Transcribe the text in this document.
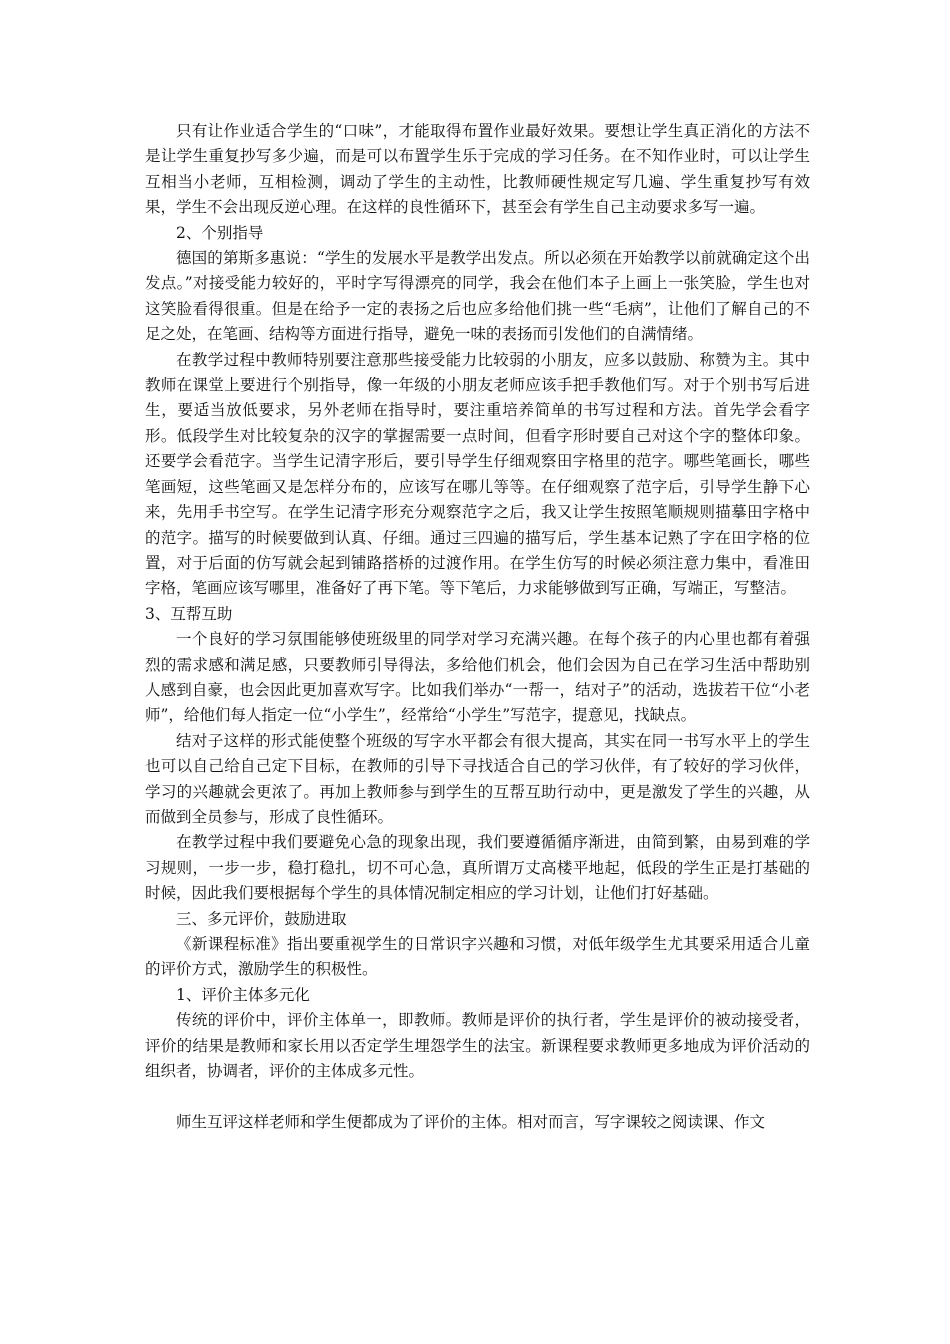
只有让作业适合学生的“口味”，才能取得布置作业最好效果。要想让学生真正消化的方法不是让学生重复抄写多少遍，而是可以布置学生乐于完成的学习任务。在不知作业时，可以让学生互相当小老师，互相检测，调动了学生的主动性，比教师硬性规定写几遍、学生重复抄写有效果，学生不会出现反逆心理。在这样的良性循环下，甚至会有学生自己主动要求多写一遍。

2、个别指导

德国的第斯多惠说：“学生的发展水平是教学出发点。所以必须在开始教学以前就确定这个出发点。”对接受能力较好的，平时字写得漂亮的同学，我会在他们本子上画上一张笑脸，学生也对这笑脸看得很重。但是在给予一定的表扬之后也应多给他们挑一些“毛病”，让他们了解自己的不足之处，在笔画、结构等方面进行指导，避免一味的表扬而引发他们的自满情绪。

在教学过程中教师特别要注意那些接受能力比较弱的小朋友，应多以鼓励、称赞为主。其中教师在课堂上要进行个别指导，像一年级的小朋友老师应该手把手教他们写。对于个别书写后进生，要适当放低要求，另外老师在指导时，要注重培养简单的书写过程和方法。首先学会看字形。低段学生对比较复杂的汉字的掌握需要一点时间，但看字形时要自己对这个字的整体印象。还要学会看范字。当学生记清字形后，要引导学生仔细观察田字格里的范字。哪些笔画长，哪些笔画短，这些笔画又是怎样分布的，应该写在哪儿等等。在仔细观察了范字后，引导学生静下心来，先用手书空写。在学生记清字形充分观察范字之后，我又让学生按照笔顺规则描摹田字格中的范字。描写的时候要做到认真、仔细。通过三四遍的描写后，学生基本记熟了字在田字格的位置，对于后面的仿写就会起到铺路搭桥的过渡作用。在学生仿写的时候必须注意力集中，看准田字格，笔画应该写哪里，准备好了再下笔。等下笔后，力求能够做到写正确，写端正，写整洁。

3、互帮互助

一个良好的学习氛围能够使班级里的同学对学习充满兴趣。在每个孩子的内心里也都有着强烈的需求感和满足感，只要教师引导得法，多给他们机会，他们会因为自己在学习生活中帮助别人感到自豪，也会因此更加喜欢写字。比如我们举办“一帮一，结对子”的活动，选拔若干位“小老师”，给他们每人指定一位“小学生”，经常给“小学生”写范字，提意见，找缺点。

结对子这样的形式能使整个班级的写字水平都会有很大提高，其实在同一书写水平上的学生也可以自己给自己定下目标，在教师的引导下寻找适合自己的学习伙伴，有了较好的学习伙伴，学习的兴趣就会更浓了。再加上教师参与到学生的互帮互助行动中，更是激发了学生的兴趣，从而做到全员参与，形成了良性循环。

在教学过程中我们要避免心急的现象出现，我们要遵循循序渐进，由简到繁，由易到难的学习规则，一步一步，稳打稳扎，切不可心急，真所谓万丈高楼平地起，低段的学生正是打基础的时候，因此我们要根据每个学生的具体情况制定相应的学习计划，让他们打好基础。

三、多元评价，鼓励进取

《新课程标准》指出要重视学生的日常识字兴趣和习惯，对低年级学生尤其要采用适合儿童的评价方式，激励学生的积极性。

1、评价主体多元化

传统的评价中，评价主体单一，即教师。教师是评价的执行者，学生是评价的被动接受者，评价的结果是教师和家长用以否定学生埋怨学生的法宝。新课程要求教师更多地成为评价活动的组织者，协调者，评价的主体成多元性。

师生互评这样老师和学生便都成为了评价的主体。相对而言，写字课较之阅读课、作文
